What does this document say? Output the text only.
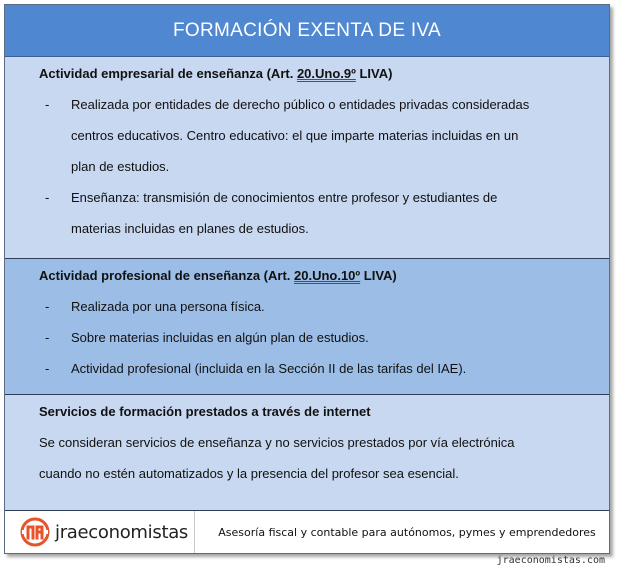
FORMACIÓN EXENTA DE IVA
Actividad empresarial de enseñanza (Art. 20.Uno.9º LIVA)
- Realizada por entidades de derecho público o entidades privadas consideradas
centros educativos. Centro educativo: el que imparte materias incluidas en un
plan de estudios.
- Enseñanza: transmisión de conocimientos entre profesor y estudiantes de
materias incluidas en planes de estudios.
Actividad profesional de enseñanza (Art. 20.Uno.10º LIVA)
- Realizada por una persona física.
- Sobre materias incluidas en algún plan de estudios.
- Actividad profesional (incluida en la Sección II de las tarifas del IAE).
Servicios de formación prestados a través de internet
Se consideran servicios de enseñanza y no servicios prestados por vía electrónica
cuando no estén automatizados y la presencia del profesor sea esencial.
jraeconomistas	Asesoría fiscal y contable para autónomos, pymes y emprendedores
jraeconomistas.com
